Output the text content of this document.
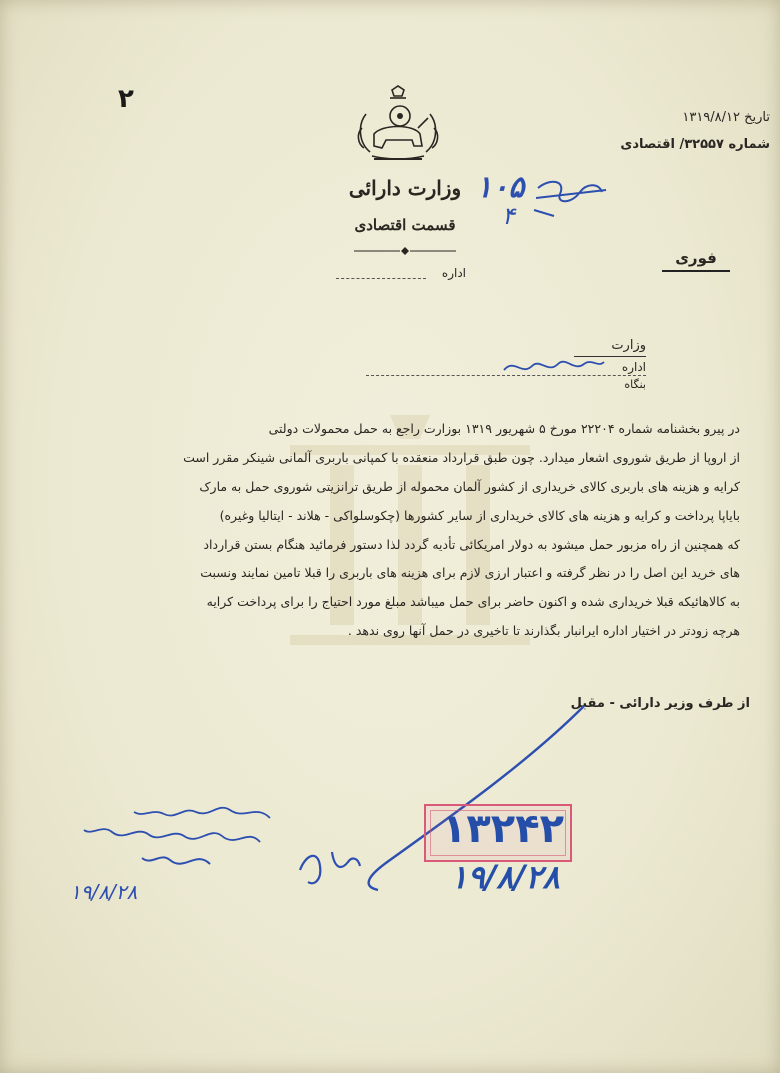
٢
وزارت دارائی
قسمت اقتصادی
اداره
تاریخ ۱۳۱۹/۸/۱۲
شماره ۳۲۵۵۷/ اقتصادی
۱۰۵
۴
فوری
وزارت
اداره
بنگاه

در پیرو بخشنامه شماره ۲۲۲۰۴ مورخ ۵ شهریور ۱۳۱۹ بوزارت راجع به حمل محمولات دولتی

از اروپا از طریق شوروی اشعار میدارد. چون طبق قرارداد منعقده با کمپانی باربری آلمانی شینکر مقرر است

کرایه و هزینه های باربری کالای خریداری از کشور آلمان محموله از طریق ترانزیتی شوروی حمل به مارک

بایاپا پرداخت و کرایه و هزینه های کالای خریداری از سایر کشورها (چکوسلواکی - هلاند - ایتالیا وغیره)

که همچنین از راه مزبور حمل میشود به دولار امریکائی تأدیه گردد لذا دستور فرمائید هنگام بستن قرارداد

های خرید این اصل را در نظر گرفته و اعتبار ارزی لازم برای هزینه های باربری را قبلا تامین نمایند ونسبت

به کالاهائیکه قبلا خریداری شده و اکنون حاضر برای حمل میباشد مبلغ مورد احتیاج را برای پرداخت کرایه

هرچه زودتر در اختیار اداره ایرانبار بگذارند تا تاخیری در حمل آنها روی ندهد .

از طرف وزیر دارائی - مقبل
۱۹/۸/۲۸
۱۳۲۴۲
۱۹/۸/۲۸
